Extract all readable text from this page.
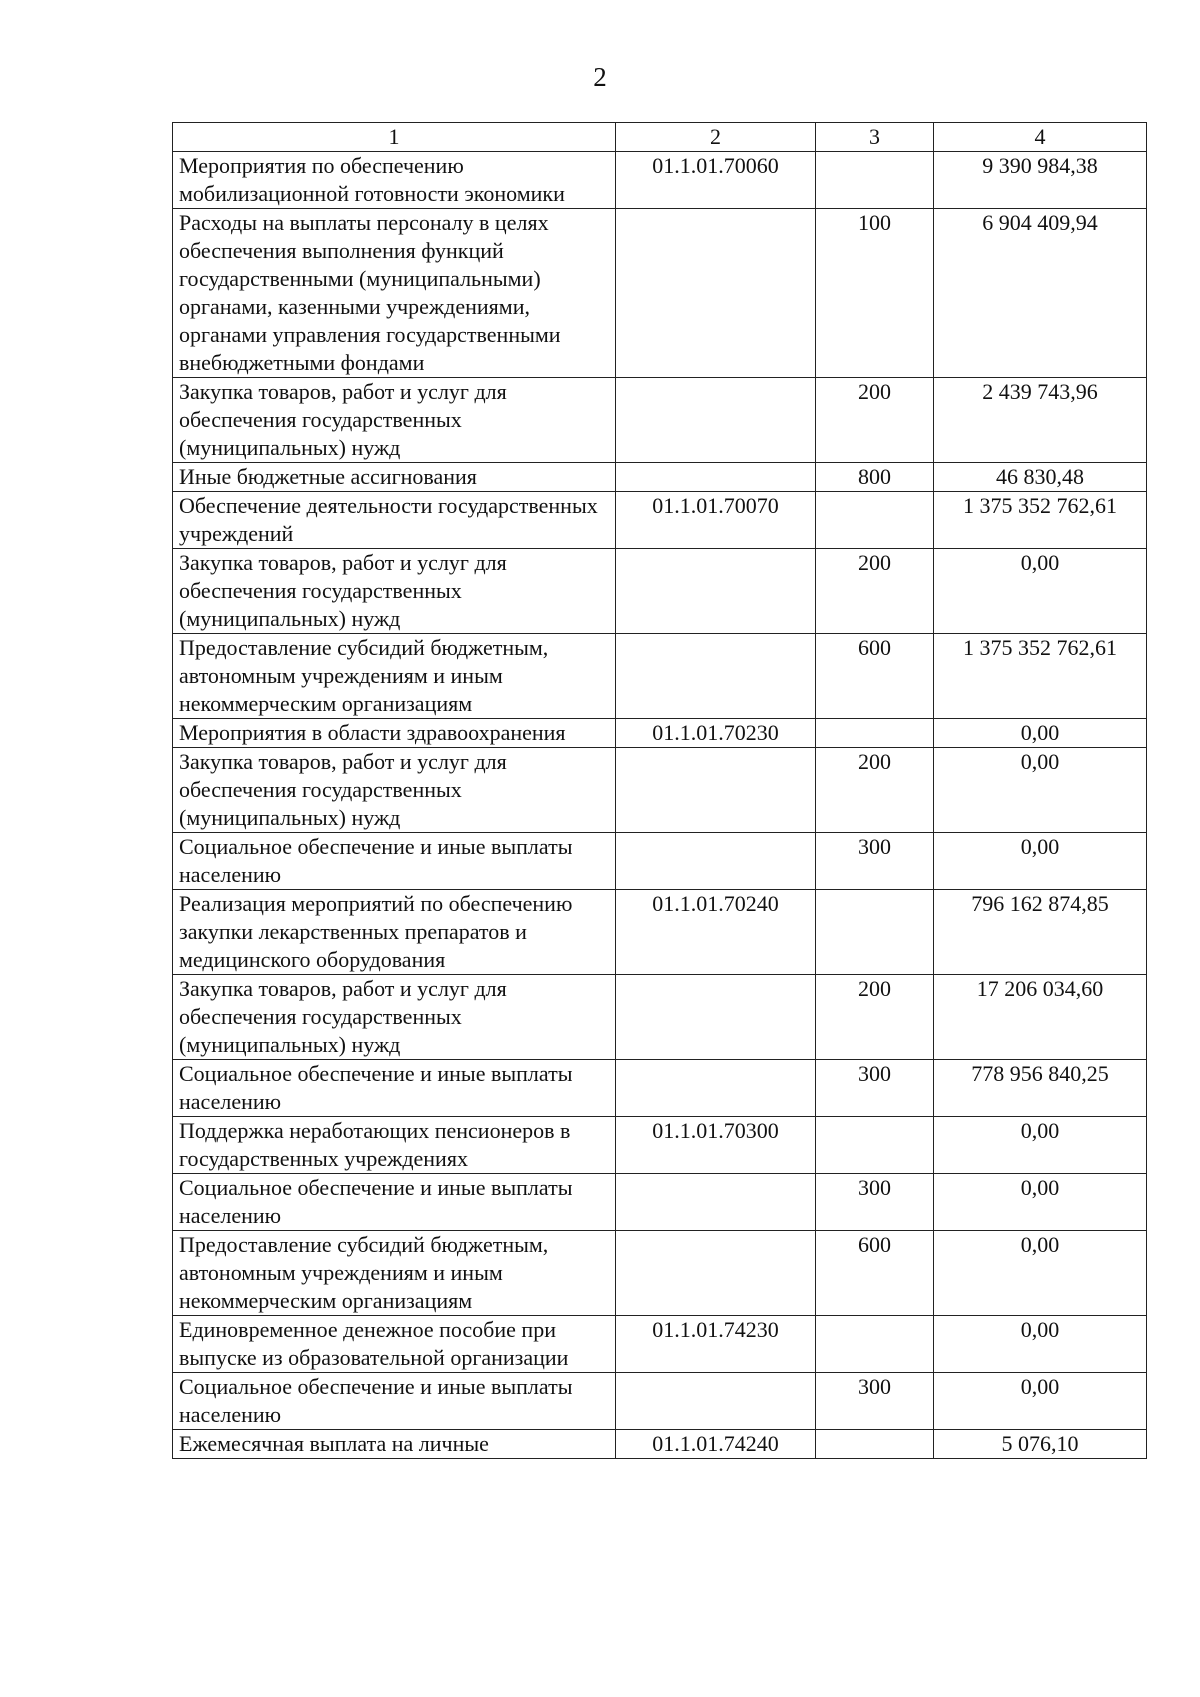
2
1	2	3	4
Мероприятия по обеспечению мобилизационной готовности экономики	01.1.01.70060		9 390 984,38
Расходы на выплаты персоналу в целях обеспечения выполнения функций государственными (муниципальными) органами, казенными учреждениями, органами управления государственными внебюджетными фондами		100	6 904 409,94
Закупка товаров, работ и услуг для обеспечения государственных (муниципальных) нужд		200	2 439 743,96
Иные бюджетные ассигнования		800	46 830,48
Обеспечение деятельности государственных учреждений	01.1.01.70070		1 375 352 762,61
Закупка товаров, работ и услуг для обеспечения государственных (муниципальных) нужд		200	0,00
Предоставление субсидий бюджетным, автономным учреждениям и иным некоммерческим организациям		600	1 375 352 762,61
Мероприятия в области здравоохранения	01.1.01.70230		0,00
Закупка товаров, работ и услуг для обеспечения государственных (муниципальных) нужд		200	0,00
Социальное обеспечение и иные выплаты населению		300	0,00
Реализация мероприятий по обеспечению закупки лекарственных препаратов и медицинского оборудования	01.1.01.70240		796 162 874,85
Закупка товаров, работ и услуг для обеспечения государственных (муниципальных) нужд		200	17 206 034,60
Социальное обеспечение и иные выплаты населению		300	778 956 840,25
Поддержка неработающих пенсионеров в государственных учреждениях	01.1.01.70300		0,00
Социальное обеспечение и иные выплаты населению		300	0,00
Предоставление субсидий бюджетным, автономным учреждениям и иным некоммерческим организациям		600	0,00
Единовременное денежное пособие при выпуске из образовательной организации	01.1.01.74230		0,00
Социальное обеспечение и иные выплаты населению		300	0,00
Ежемесячная выплата на личные	01.1.01.74240		5 076,10
